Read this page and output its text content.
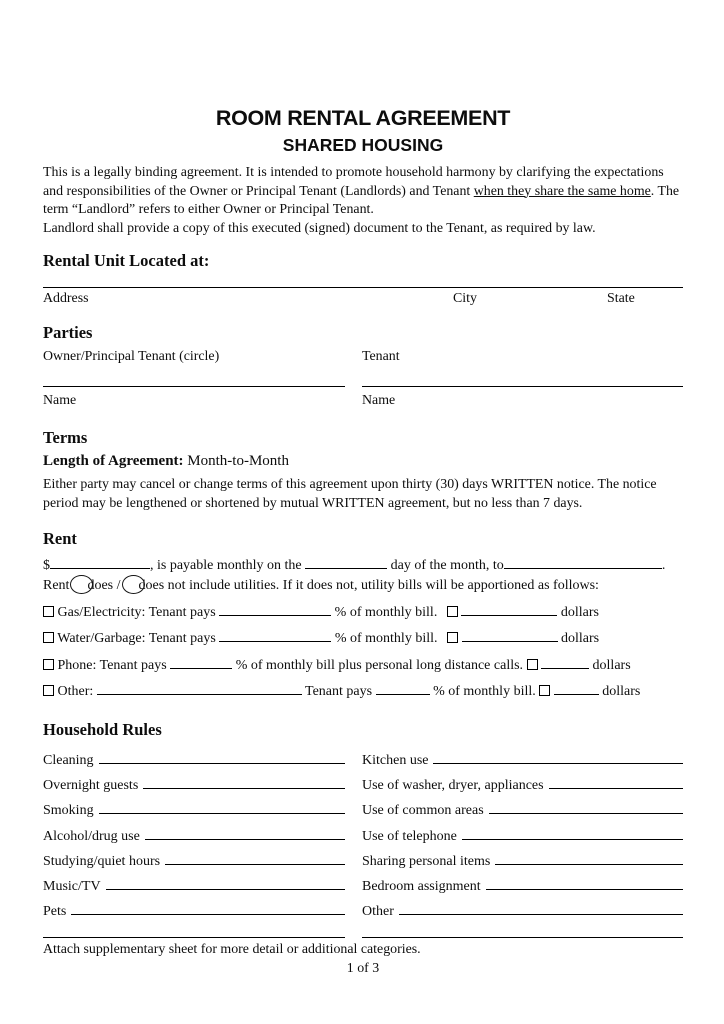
ROOM RENTAL AGREEMENT
SHARED HOUSING

This is a legally binding agreement. It is intended to promote household harmony by clarifying the expectations and responsibilities of the Owner or Principal Tenant (Landlords) and Tenant when they share the same home. The term “Landlord” refers to either Owner or Principal Tenant.
Landlord shall provide a copy of this executed (signed) document to the Tenant, as required by law.

Rental Unit Located at:
Address	City	State
Parties
Owner/Principal Tenant (circle)
Name
Tenant
Name
Terms

Length of Agreement: Month-to-Month

Either party may cancel or change terms of this agreement upon thirty (30) days WRITTEN notice. The notice period may be lengthened or shortened by mutual WRITTEN agreement, but no less than 7 days.

Rent
$	, is payable monthly on the	day of the month, to	.
Rent does / does not include utilities. If it does not, utility bills will be apportioned as follows:
Gas/Electricity: Tenant pays	% of monthly bill.	dollars
Water/Garbage: Tenant pays	% of monthly bill.	dollars
Phone: Tenant pays	% of monthly bill plus personal long distance calls.	dollars
Other:	Tenant pays	% of monthly bill.	dollars
Household Rules
Cleaning	Kitchen use
Overnight guests	Use of washer, dryer, appliances
Smoking	Use of common areas
Alcohol/drug use	Use of telephone
Studying/quiet hours	Sharing personal items
Music/TV	Bedroom assignment
Pets	Other

Attach supplementary sheet for more detail or additional categories.

1 of 3
